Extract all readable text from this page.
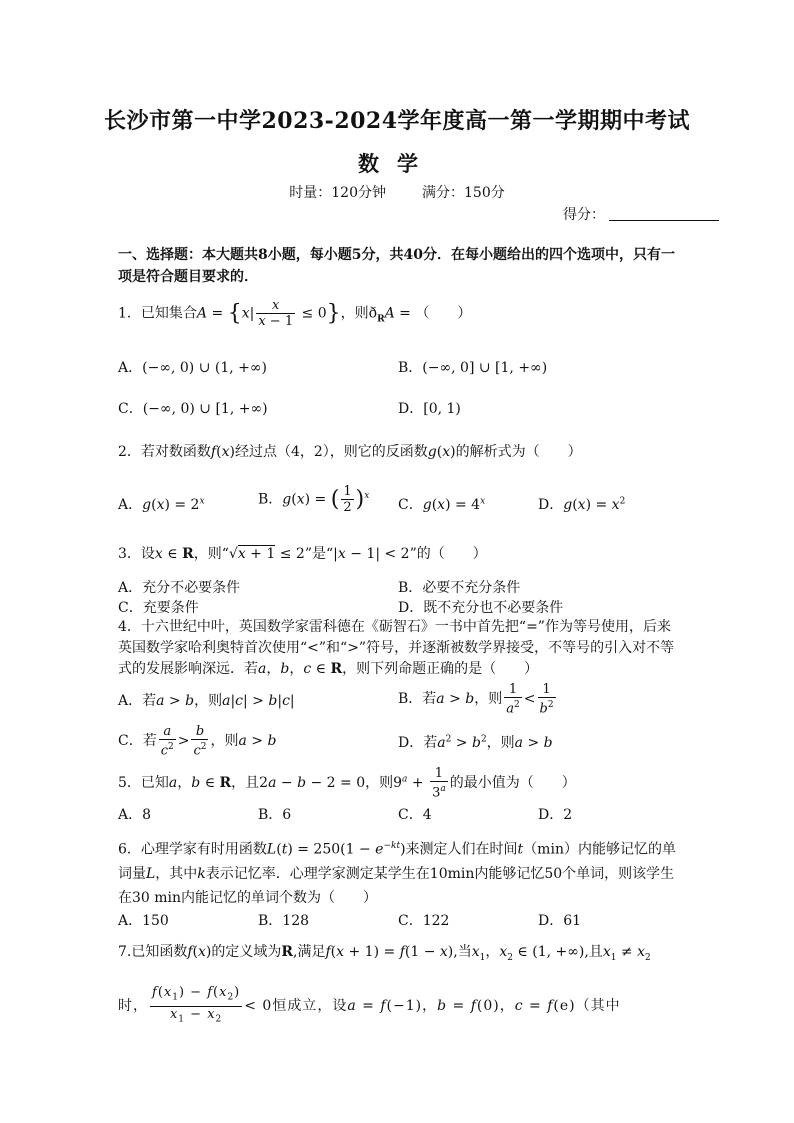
长沙市第一中学2023-2024学年度高一第一学期期中考试
数学
时量：120分钟	满分：150分
得分：
一、选择题：本大题共8小题，每小题5分，共40分．在每小题给出的四个选项中，只有一项是符合题目要求的．
1．已知集合$A = \{x| \frac{x}{x - 1} \le 0\}$，则$ð_RA$ = （　　）
A．(−∞, 0) ∪ (1, +∞)	B．(−∞, 0] ∪ [1, +∞)
C．(−∞, 0) ∪ [1, +∞)	D．[0, 1)
2．若对数函数f(x)经过点（4，2），则它的反函数g(x)的解析式为（　　）
A．$g(x) = 2^x$	B．g(x) = ( $\frac{1}{2} )^x$
C．$g(x) = 4^x$	D．$g(x) = x^2$
3．设x ∈ R，则“√x + 1 ≤ 2”是“|x − 1| < 2”的（　　）
A．充分不必要条件	B．必要不充分条件
C．充要条件	D．既不充分也不必要条件
4．十六世纪中叶，英国数学家雷科德在《砺智石》一书中首先把“=”作为等号使用，后来英国数学家哈利奥特首次使用“<”和“>”符号，并逐渐被数学界接受，不等号的引入对不等式的发展影响深远．若a，b，c ∈ R，则下列命题正确的是（　　）
A．若a > b，则a|c| > b|c|	B．若a > b，则 $\frac{1}{a^2} < \frac{1}{b^2}$
C．若 $\frac{a}{c^2} > \frac{b}{c^2}$ ，则a > b	D．若$a^2 > b^2$，则a > b
5．已知a，b ∈ R，且2a − b − 2 = 0，则$9^a + \frac{1}{3^a}$ 的最小值为（　　）
A．8	B．6	C．4	D．2
6．心理学家有时用函数$L(t) = 250(1 - e^{-kt})$来测定人们在时间t（min）内能够记忆的单词量L，其中k表示记忆率．心理学家测定某学生在10min内能够记忆50个单词，则该学生在30 min内能记忆的单词个数为（　　）
A．150	B．128	C．122	D．61
7.已知函数f(x)的定义域为R,满足f(x + 1) = f(1 − x),当$x_1$，$x_2$ ∈ (1, +∞),且$x_1 \ne x_2$
时， $\frac{f(x_1) - f(x_2)}{x_1 - x_2} < 0$恒成立，设a = f(−1)，b = f(0)，c = f(e)（其中
